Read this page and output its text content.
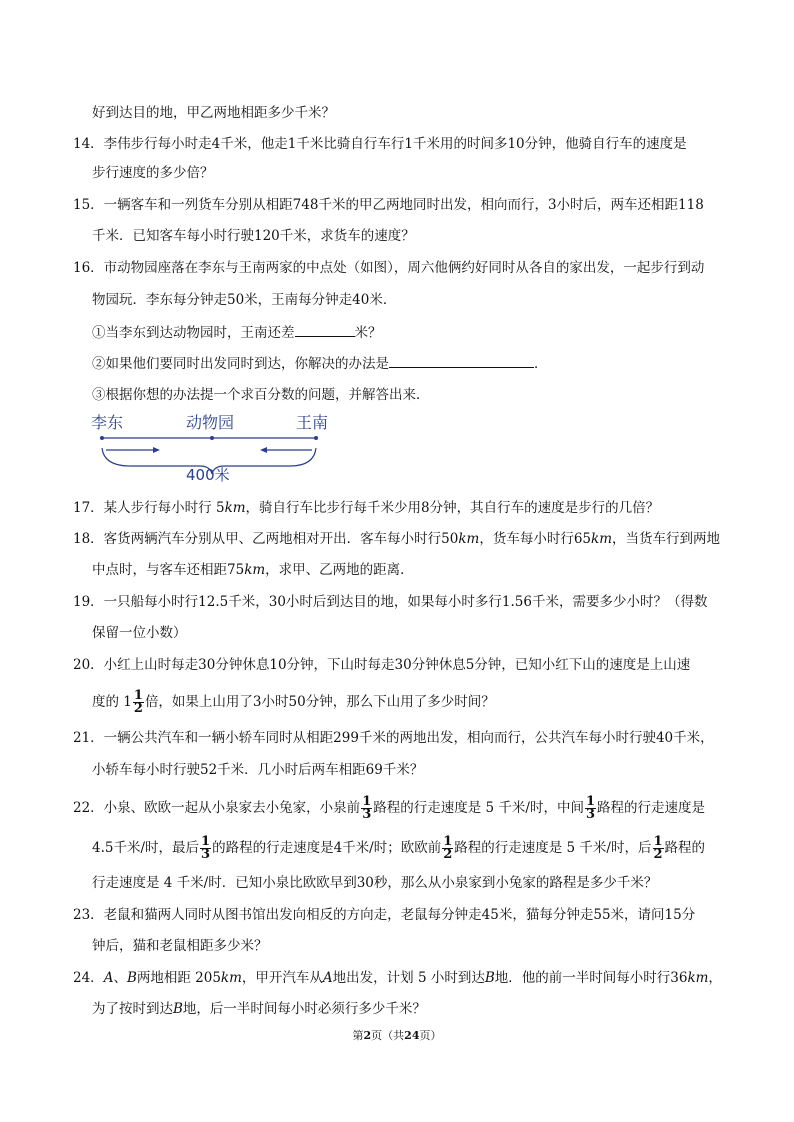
好到达目的地，甲乙两地相距多少千米？
14．李伟步行每小时走4千米，他走1千米比骑自行车行1千米用的时间多10分钟，他骑自行车的速度是
步行速度的多少倍？
15．一辆客车和一列货车分别从相距748千米的甲乙两地同时出发，相向而行，3小时后，两车还相距118
千米．已知客车每小时行驶120千米，求货车的速度？
16．市动物园座落在李东与王南两家的中点处（如图），周六他俩约好同时从各自的家出发，一起步行到动
物园玩．李东每分钟走50米，王南每分钟走40米．
①当李东到达动物园时，王南还差	米？
②如果他们要同时出发同时到达，你解决的办法是	．
③根据你想的办法提一个求百分数的问题，并解答出来．
李东	动物园	王南
400米
17．某人步行每小时行 5km，骑自行车比步行每千米少用8分钟，其自行车的速度是步行的几倍？
18．客货两辆汽车分别从甲、乙两地相对开出．客车每小时行50km，货车每小时行65km，当货车行到两地
中点时，与客车还相距75km，求甲、乙两地的距离．
19．一只船每小时行12.5千米，30小时后到达目的地，如果每小时多行1.56千米，需要多少小时？（得数
保留一位小数）
20．小红上山时每走30分钟休息10分钟，下山时每走30分钟休息5分钟，已知小红下山的速度是上山速
度的 $1 \frac{1}{2}$ 倍，如果上山用了3小时50分钟，那么下山用了多少时间？
21．一辆公共汽车和一辆小轿车同时从相距299千米的两地出发，相向而行，公共汽车每小时行驶40千米，
小轿车每小时行驶52千米．几小时后两车相距69千米？
22．小泉、欧欧一起从小泉家去小兔家，小泉前 $\frac{1}{3}$ 路程的行走速度是 5 千米/时，中间 $\frac{1}{3}$ 路程的行走速度是
4.5千米/时，最后 $\frac{1}{3}$ 的路程的行走速度是4千米/时；欧欧前 $\frac{1}{2}$ 路程的行走速度是 5 千米/时，后 $\frac{1}{2}$ 路程的
行走速度是 4 千米/时．已知小泉比欧欧早到30秒，那么从小泉家到小兔家的路程是多少千米？
23．老鼠和猫两人同时从图书馆出发向相反的方向走，老鼠每分钟走45米，猫每分钟走55米，请问15分
钟后，猫和老鼠相距多少米？
24．A、B两地相距 205km，甲开汽车从A地出发，计划 5 小时到达B地．他的前一半时间每小时行36km，
为了按时到达B地，后一半时间每小时必须行多少千米？
第2页（共24页）
